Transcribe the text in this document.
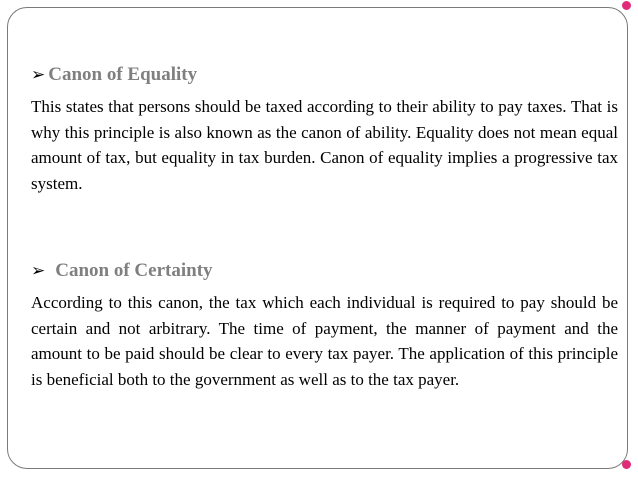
➢ Canon of Equality

This states that persons should be taxed according to their ability to pay taxes. That is why this principle is also known as the canon of ability. Equality does not mean equal amount of tax, but equality in tax burden. Canon of equality implies a progressive tax system.

➢ Canon of Certainty

According to this canon, the tax which each individual is required to pay should be certain and not arbitrary. The time of payment, the manner of payment and the amount to be paid should be clear to every tax payer. The application of this principle is beneficial both to the government as well as to the tax payer.
